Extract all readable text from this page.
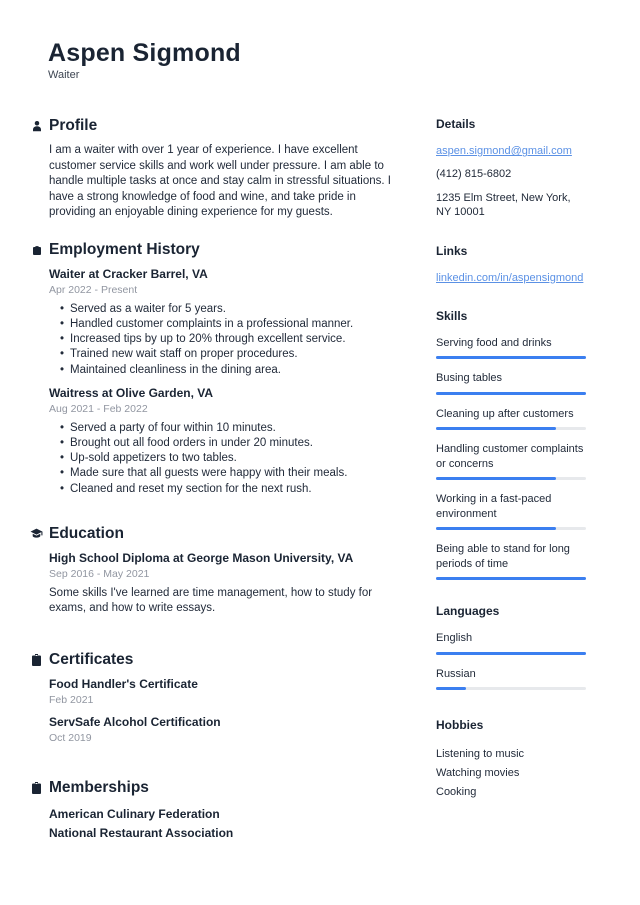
Aspen Sigmond
Waiter
Profile

I am a waiter with over 1 year of experience. I have excellent customer service skills and work well under pressure. I am able to handle multiple tasks at once and stay calm in stressful situations. I have a strong knowledge of food and wine, and take pride in providing an enjoyable dining experience for my guests.

Employment History
Waiter at Cracker Barrel, VA
Apr 2022 - Present
• Served as a waiter for 5 years.
• Handled customer complaints in a professional manner.
• Increased tips by up to 20% through excellent service.
• Trained new wait staff on proper procedures.
• Maintained cleanliness in the dining area.
Waitress at Olive Garden, VA
Aug 2021 - Feb 2022
• Served a party of four within 10 minutes.
• Brought out all food orders in under 20 minutes.
• Up-sold appetizers to two tables.
• Made sure that all guests were happy with their meals.
• Cleaned and reset my section for the next rush.
Education
High School Diploma at George Mason University, VA
Sep 2016 - May 2021

Some skills I've learned are time management, how to study for exams, and how to write essays.

Certificates
Food Handler's Certificate
Feb 2021
ServSafe Alcohol Certification
Oct 2019
Memberships
American Culinary Federation
National Restaurant Association
Details
aspen.sigmond@gmail.com
(412) 815-6802
1235 Elm Street, New York, NY 10001
Links
linkedin.com/in/aspensigmond
Skills
Serving food and drinks
Busing tables
Cleaning up after customers
Handling customer complaints or concerns
Working in a fast-paced environment
Being able to stand for long periods of time
Languages
English
Russian
Hobbies
Listening to music
Watching movies
Cooking
